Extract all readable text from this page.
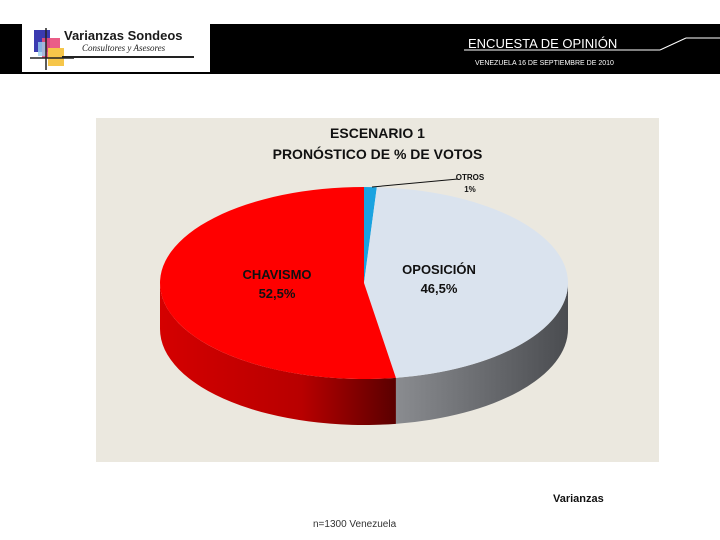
Varianzas Sondeos
Consultores y Asesores	ENCUESTA DE OPINIÓN
VENEZUELA 16 DE SEPTIEMBRE DE 2010
ESCENARIO 1
PRONÓSTICO DE % DE VOTOS
OTROS
1%
OPOSICIÓN
46,5%
CHAVISMO
52,5%
Varianzas
n=1300 Venezuela
